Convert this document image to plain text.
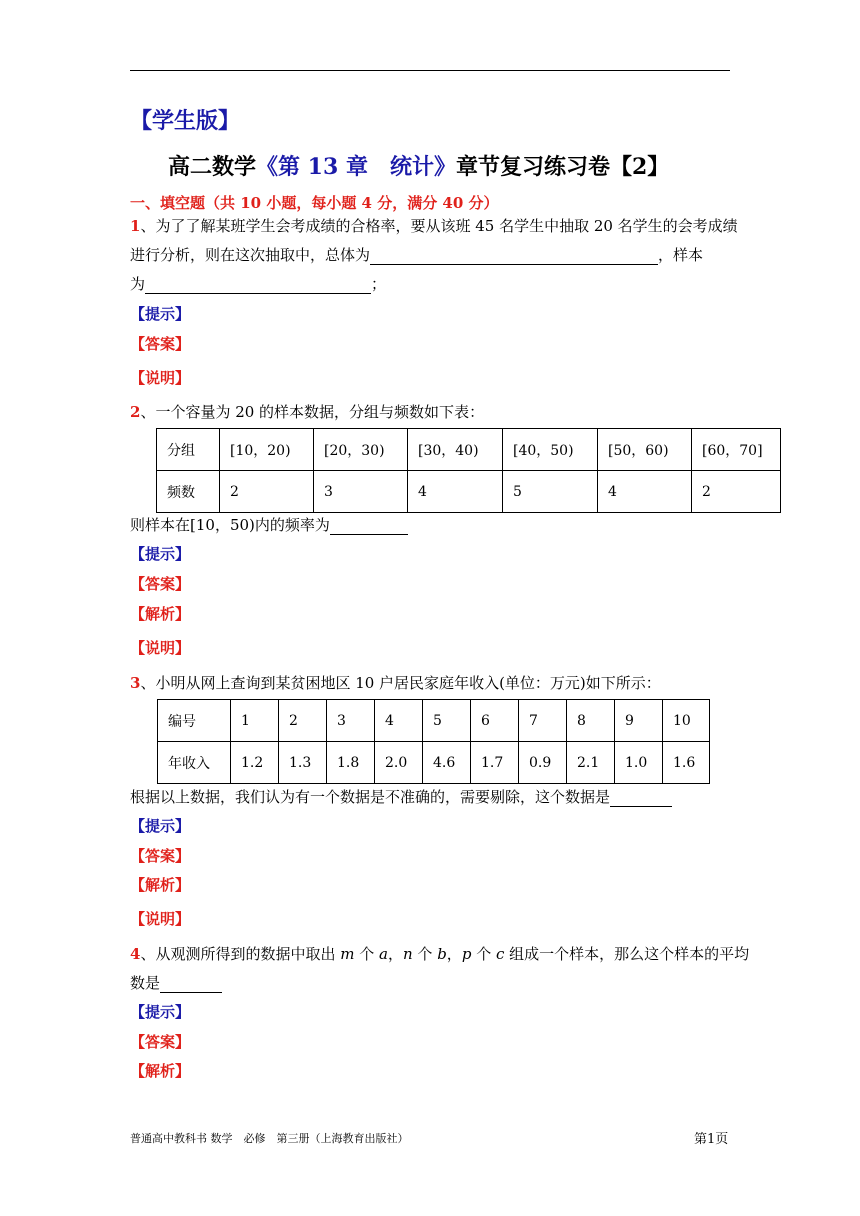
【学生版】
高二数学《第 13 章　统计》章节复习练习卷【2】
一、填空题（共 10 小题，每小题 4 分，满分 40 分）
1、为了了解某班学生会考成绩的合格率，要从该班 45 名学生中抽取 20 名学生的会考成绩
进行分析，则在这次抽取中，总体为	，样本
为	；
【提示】
【答案】
【说明】
2、一个容量为 20 的样本数据，分组与频数如下表：
分组	[10，20)	[20，30)	[30，40)	[40，50)	[50，60)	[60，70]
频数	2	3	4	5	4	2
则样本在[10，50)内的频率为
【提示】
【答案】
【解析】
【说明】
3、小明从网上查询到某贫困地区 10 户居民家庭年收入(单位：万元)如下所示：
编号	1	2	3	4	5	6	7	8	9	10
年收入	1.2	1.3	1.8	2.0	4.6	1.7	0.9	2.1	1.0	1.6
根据以上数据，我们认为有一个数据是不准确的，需要剔除，这个数据是
【提示】
【答案】
【解析】
【说明】
4、从观测所得到的数据中取出 m 个 a，n 个 b，p 个 c 组成一个样本，那么这个样本的平均
数是
【提示】
【答案】
【解析】
普通高中教科书 数学　必修　第三册（上海教育出版社）	第1页
